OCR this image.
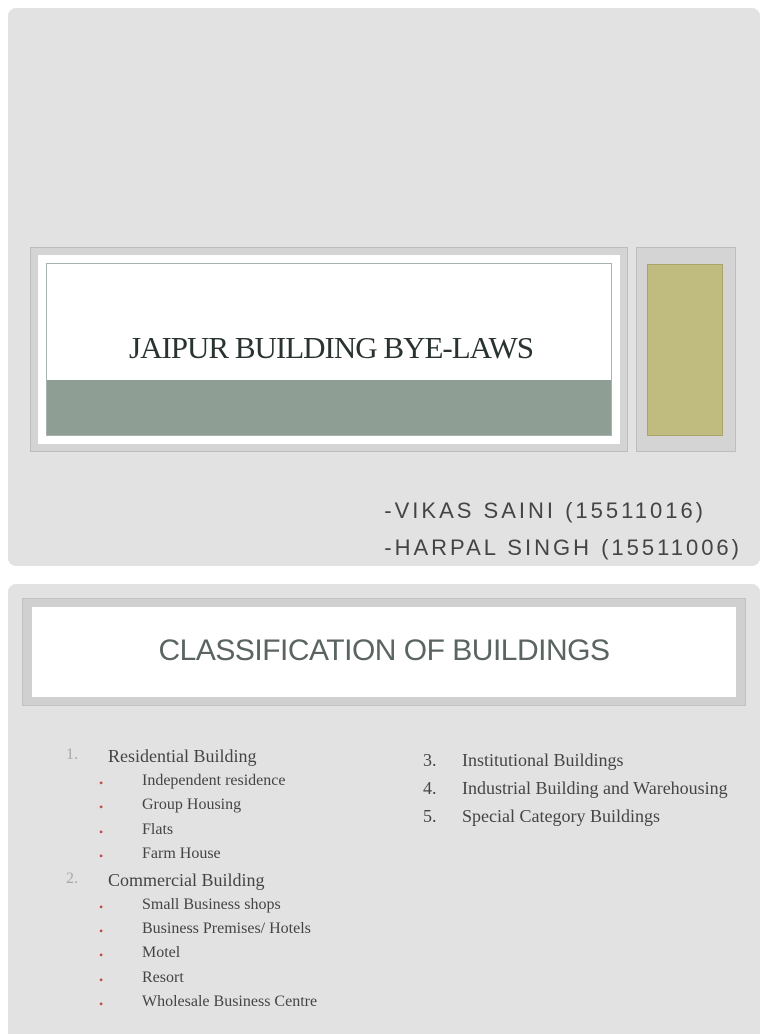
JAIPUR BUILDING BYE-LAWS
-VIKAS SAINI (15511016)
-HARPAL SINGH (15511006)
CLASSIFICATION OF BUILDINGS
1. Residential Building
• Independent residence
• Group Housing
• Flats
• Farm House
2. Commercial Building
• Small Business shops
• Business Premises/ Hotels
• Motel
• Resort
• Wholesale Business Centre
3. Institutional Buildings
4. Industrial Building and Warehousing
5. Special Category Buildings
